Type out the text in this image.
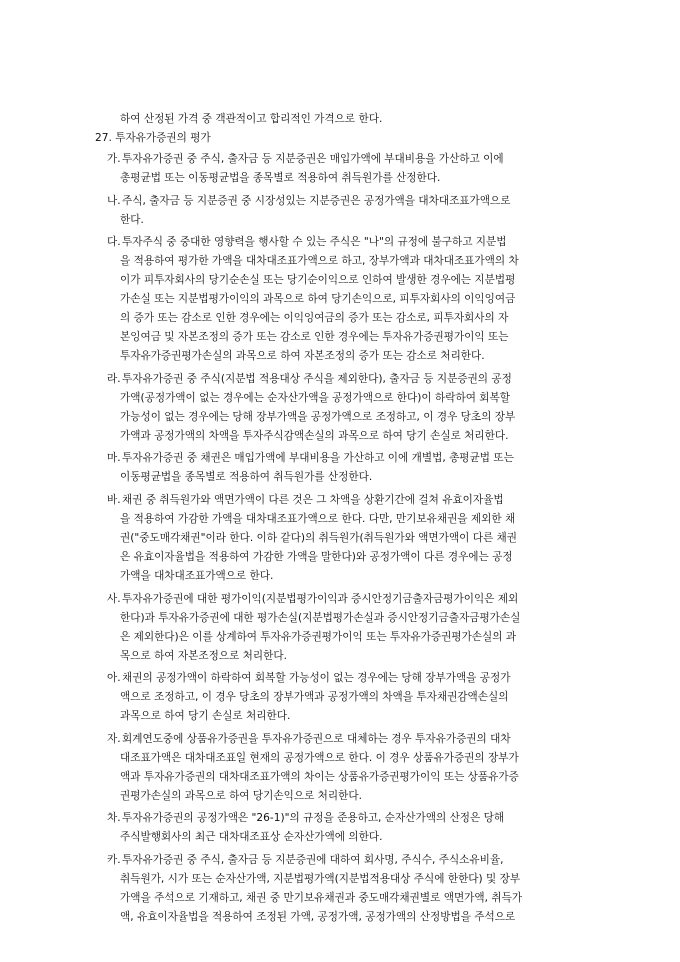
하여 산정된 가격 중 객관적이고 합리적인 가격으로 한다.
27. 투자유가증권의 평가
가. 투자유가증권 중 주식, 출자금 등 지분증권은 매입가액에 부대비용을 가산하고 이에
총평균법 또는 이동평균법을 종목별로 적용하여 취득원가를 산정한다.
나. 주식, 출자금 등 지분증권 중 시장성있는 지분증권은 공정가액을 대차대조표가액으로
한다.
다. 투자주식 중 중대한 영향력을 행사할 수 있는 주식은 "나"의 규정에 불구하고 지분법
을 적용하여 평가한 가액을 대차대조표가액으로 하고, 장부가액과 대차대조표가액의 차
이가 피투자회사의 당기순손실 또는 당기순이익으로 인하여 발생한 경우에는 지분법평
가손실 또는 지분법평가이익의 과목으로 하여 당기손익으로, 피투자회사의 이익잉여금
의 증가 또는 감소로 인한 경우에는 이익잉여금의 증가 또는 감소로, 피투자회사의 자
본잉여금 및 자본조정의 증가 또는 감소로 인한 경우에는 투자유가증권평가이익 또는
투자유가증권평가손실의 과목으로 하여 자본조정의 증가 또는 감소로 처리한다.
라. 투자유가증권 중 주식(지분법 적용대상 주식을 제외한다), 출자금 등 지분증권의 공정
가액(공정가액이 없는 경우에는 순자산가액을 공정가액으로 한다)이 하락하여 회복할
가능성이 없는 경우에는 당해 장부가액을 공정가액으로 조정하고, 이 경우 당초의 장부
가액과 공정가액의 차액을 투자주식감액손실의 과목으로 하여 당기 손실로 처리한다.
마. 투자유가증권 중 채권은 매입가액에 부대비용을 가산하고 이에 개별법, 총평균법 또는
이동평균법을 종목별로 적용하여 취득원가를 산정한다.
바. 채권 중 취득원가와 액면가액이 다른 것은 그 차액을 상환기간에 걸쳐 유효이자율법
을 적용하여 가감한 가액을 대차대조표가액으로 한다. 다만, 만기보유채권을 제외한 채
권("중도매각채권"이라 한다. 이하 같다)의 취득원가(취득원가와 액면가액이 다른 채권
은 유효이자율법을 적용하여 가감한 가액을 말한다)와 공정가액이 다른 경우에는 공정
가액을 대차대조표가액으로 한다.
사. 투자유가증권에 대한 평가이익(지분법평가이익과 증시안정기금출자금평가이익은 제외
한다)과 투자유가증권에 대한 평가손실(지분법평가손실과 증시안정기금출자금평가손실
은 제외한다)은 이를 상계하여 투자유가증권평가이익 또는 투자유가증권평가손실의 과
목으로 하여 자본조정으로 처리한다.
아. 채권의 공정가액이 하락하여 회복할 가능성이 없는 경우에는 당해 장부가액을 공정가
액으로 조정하고, 이 경우 당초의 장부가액과 공정가액의 차액을 투자채권감액손실의
과목으로 하여 당기 손실로 처리한다.
자. 회계연도중에 상품유가증권을 투자유가증권으로 대체하는 경우 투자유가증권의 대차
대조표가액은 대차대조표일 현재의 공정가액으로 한다. 이 경우 상품유가증권의 장부가
액과 투자유가증권의 대차대조표가액의 차이는 상품유가증권평가이익 또는 상품유가증
권평가손실의 과목으로 하여 당기손익으로 처리한다.
차. 투자유가증권의 공정가액은 "26-1)"의 규정을 준용하고, 순자산가액의 산정은 당해
주식발행회사의 최근 대차대조표상 순자산가액에 의한다.
카. 투자유가증권 중 주식, 출자금 등 지분증권에 대하여 회사명, 주식수, 주식소유비율,
취득원가, 시가 또는 순자산가액, 지분법평가액(지분법적용대상 주식에 한한다) 및 장부
가액을 주석으로 기재하고, 채권 중 만기보유채권과 중도매각채권별로 액면가액, 취득가
액, 유효이자율법을 적용하여 조정된 가액, 공정가액, 공정가액의 산정방법을 주석으로
